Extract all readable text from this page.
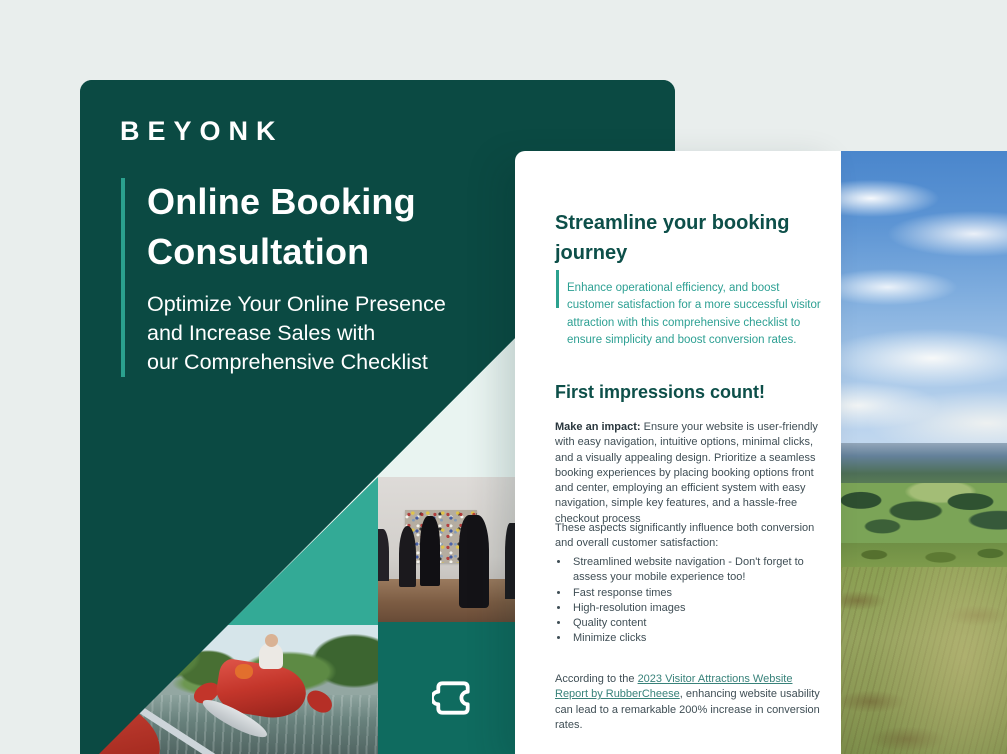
BEYONK
Online Booking
Consultation
Optimize Your Online Presence
and Increase Sales with
our Comprehensive Checklist
Streamline your booking journey

Enhance operational efficiency, and boost customer satisfaction for a more successful visitor attraction with this comprehensive checklist to ensure simplicity and boost conversion rates.

First impressions count!

Make an impact: Ensure your website is user-friendly with easy navigation, intuitive options, minimal clicks, and a visually appealing design. Prioritize a seamless booking experiences by placing booking options front and center, employing an efficient system with easy navigation, simple key features, and a hassle-free checkout process

These aspects significantly influence both conversion and overall customer satisfaction:

• Streamlined website navigation - Don't forget to assess your mobile experience too!
• Fast response times
• High-resolution images
• Quality content
• Minimize clicks

According to the 2023 Visitor Attractions Website Report by RubberCheese, enhancing website usability can lead to a remarkable 200% increase in conversion rates.
